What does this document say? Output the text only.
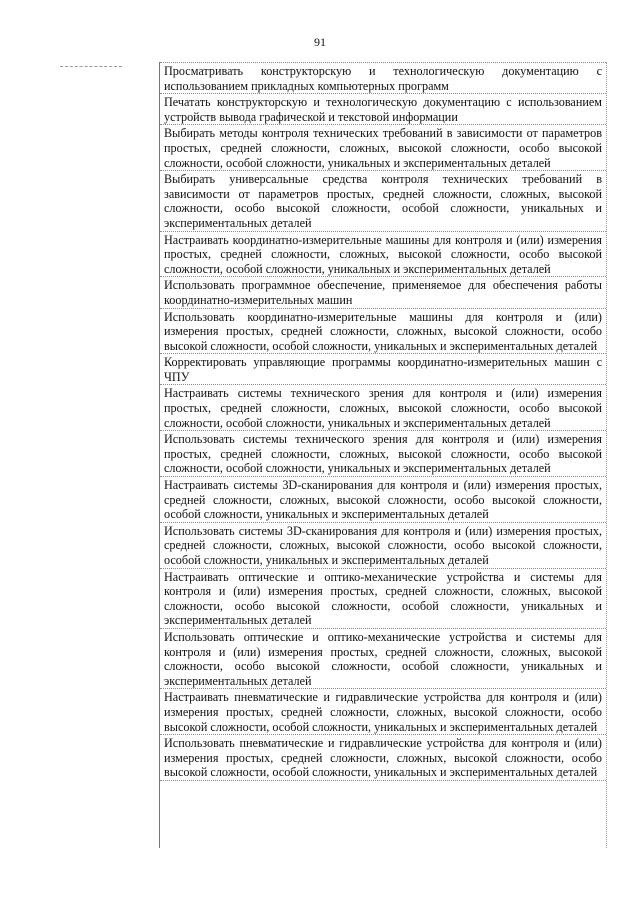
91
Просматривать конструкторскую и технологическую документацию с использованием прикладных компьютерных программ
Печатать конструкторскую и технологическую документацию с использованием устройств вывода графической и текстовой информации
Выбирать методы контроля технических требований в зависимости от параметров простых, средней сложности, сложных, высокой сложности, особо высокой сложности, особой сложности, уникальных и экспериментальных деталей
Выбирать универсальные средства контроля технических требований в зависимости от параметров простых, средней сложности, сложных, высокой сложности, особо высокой сложности, особой сложности, уникальных и экспериментальных деталей
Настраивать координатно-измерительные машины для контроля и (или) измерения простых, средней сложности, сложных, высокой сложности, особо высокой сложности, особой сложности, уникальных и экспериментальных деталей
Использовать программное обеспечение, применяемое для обеспечения работы координатно-измерительных машин
Использовать координатно-измерительные машины для контроля и (или) измерения простых, средней сложности, сложных, высокой сложности, особо высокой сложности, особой сложности, уникальных и экспериментальных деталей
Корректировать управляющие программы координатно-измерительных машин с ЧПУ
Настраивать системы технического зрения для контроля и (или) измерения простых, средней сложности, сложных, высокой сложности, особо высокой сложности, особой сложности, уникальных и экспериментальных деталей
Использовать системы технического зрения для контроля и (или) измерения простых, средней сложности, сложных, высокой сложности, особо высокой сложности, особой сложности, уникальных и экспериментальных деталей
Настраивать системы 3D-сканирования для контроля и (или) измерения простых, средней сложности, сложных, высокой сложности, особо высокой сложности, особой сложности, уникальных и экспериментальных деталей
Использовать системы 3D-сканирования для контроля и (или) измерения простых, средней сложности, сложных, высокой сложности, особо высокой сложности, особой сложности, уникальных и экспериментальных деталей
Настраивать оптические и оптико-механические устройства и системы для контроля и (или) измерения простых, средней сложности, сложных, высокой сложности, особо высокой сложности, особой сложности, уникальных и экспериментальных деталей
Использовать оптические и оптико-механические устройства и системы для контроля и (или) измерения простых, средней сложности, сложных, высокой сложности, особо высокой сложности, особой сложности, уникальных и экспериментальных деталей
Настраивать пневматические и гидравлические устройства для контроля и (или) измерения простых, средней сложности, сложных, высокой сложности, особо высокой сложности, особой сложности, уникальных и экспериментальных деталей
Использовать пневматические и гидравлические устройства для контроля и (или) измерения простых, средней сложности, сложных, высокой сложности, особо высокой сложности, особой сложности, уникальных и экспериментальных деталей
